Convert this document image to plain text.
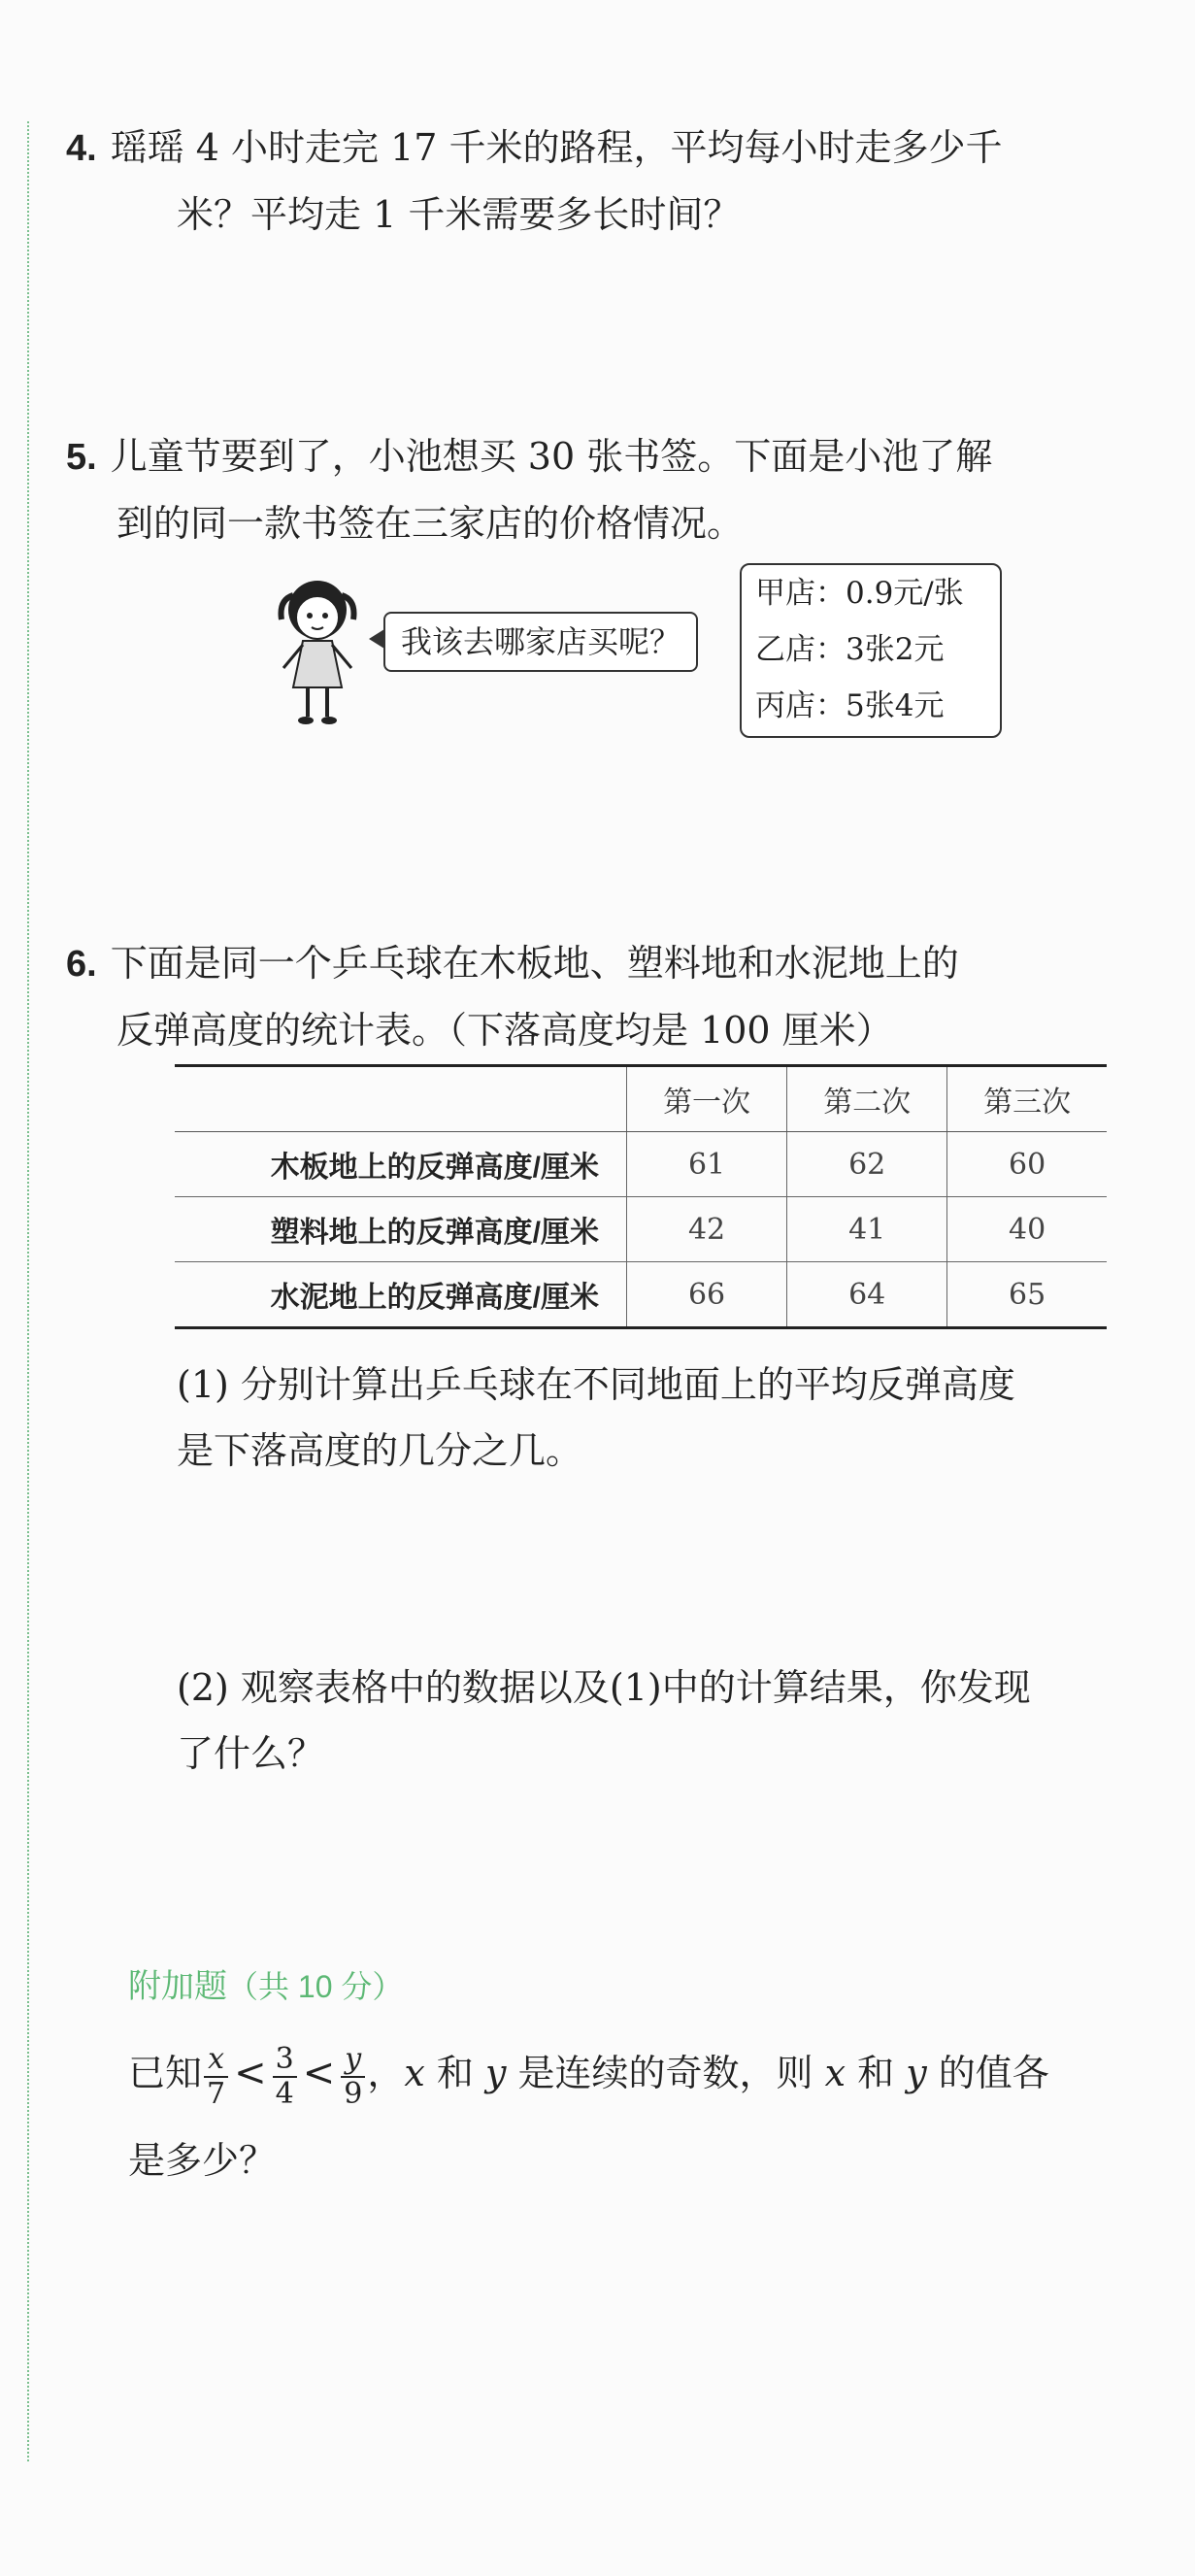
4. 瑶瑶 4 小时走完 17 千米的路程，平均每小时走多少千
米？平均走 1 千米需要多长时间？
5. 儿童节要到了，小池想买 30 张书签。下面是小池了解
到的同一款书签在三家店的价格情况。
我该去哪家店买呢？
甲店：0.9元/张
乙店：3张2元
丙店：5张4元
6. 下面是同一个乒乓球在木板地、塑料地和水泥地上的
反弹高度的统计表。（下落高度均是 100 厘米）
	第一次	第二次	第三次
木板地上的反弹高度/厘米	61	62	60
塑料地上的反弹高度/厘米	42	41	40
水泥地上的反弹高度/厘米	66	64	65
(1) 分别计算出乒乓球在不同地面上的平均反弹高度
是下落高度的几分之几。
(2) 观察表格中的数据以及(1)中的计算结果，你发现
了什么？
附加题（共 10 分）
已知 $\frac{x}{7} < \frac{3}{4} < \frac{y}{9}$ ，x 和 y 是连续的奇数，则 x 和 y 的值各
是多少？
